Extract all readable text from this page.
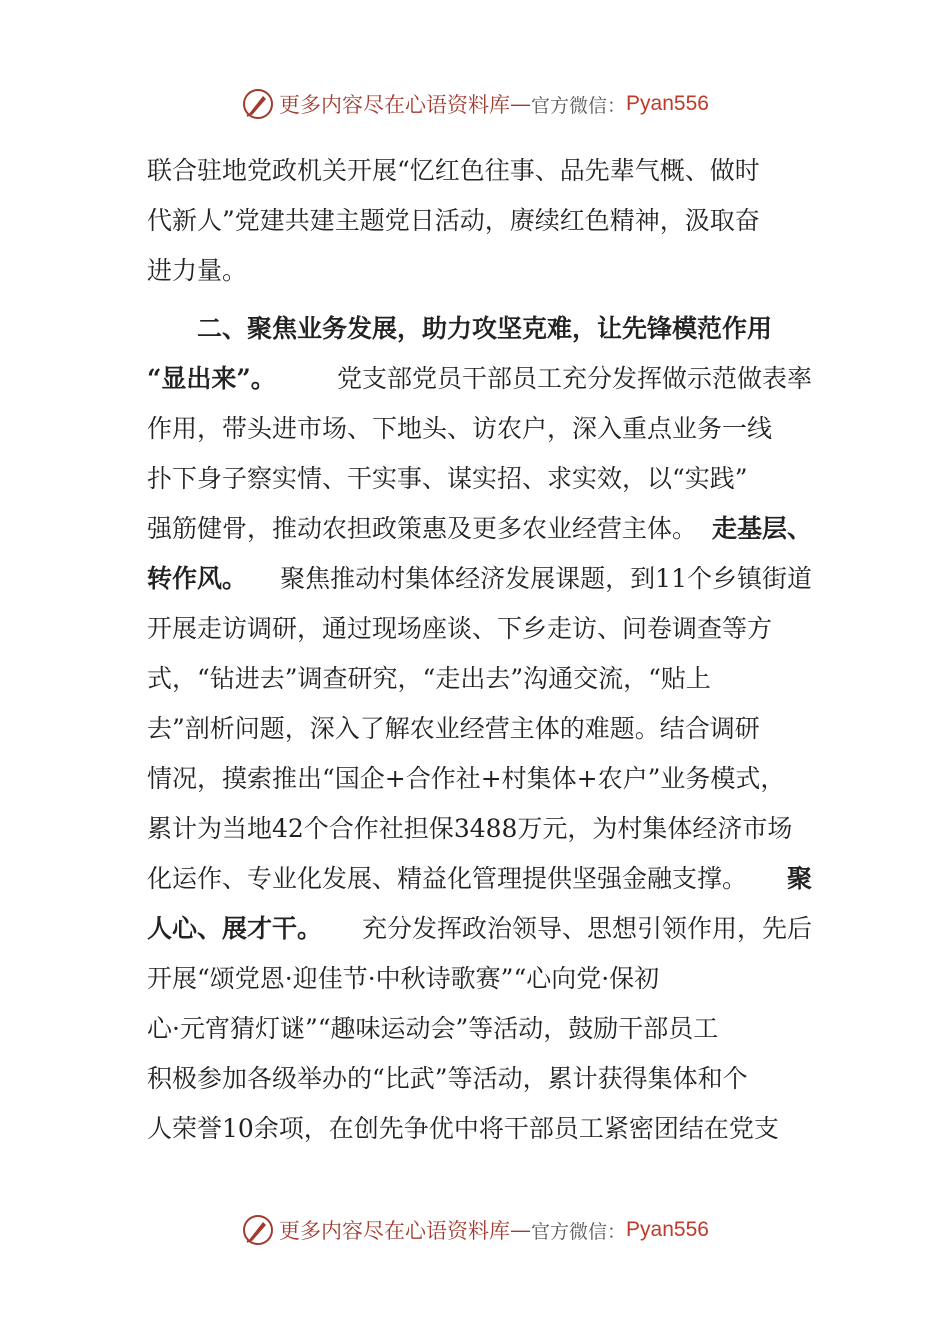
更多内容尽在心语资料库 — 官方微信： Pyan556
联合驻地党政机关开展“忆红色往事、品先辈气概、做时
代新人”党建共建主题党日活动，赓续红色精神，汲取奋
进力量。
二、聚焦业务发展，助力攻坚克难，让先锋模范作用
“显出来”。 党支部党员干部员工充分发挥做示范做表率
作用，带头进市场、下地头、访农户，深入重点业务一线
扑下身子察实情、干实事、谋实招、求实效，以“实践”
强筋健骨，推动农担政策惠及更多农业经营主体。 走基层、
转作风。 聚焦推动村集体经济发展课题，到11个乡镇街道
开展走访调研，通过现场座谈、下乡走访、问卷调查等方
式，“钻进去”调查研究，“走出去”沟通交流，“贴上
去”剖析问题，深入了解农业经营主体的难题。结合调研
情况，摸索推出“国企+合作社+村集体+农户”业务模式，
累计为当地42个合作社担保3488万元，为村集体经济市场
化运作、专业化发展、精益化管理提供坚强金融支撑。 聚
人心、展才干。 充分发挥政治领导、思想引领作用，先后
开展“颂党恩·迎佳节·中秋诗歌赛”“心向党·保初
心·元宵猜灯谜”“趣味运动会”等活动，鼓励干部员工
积极参加各级举办的“比武”等活动，累计获得集体和个
人荣誉10余项，在创先争优中将干部员工紧密团结在党支
更多内容尽在心语资料库 — 官方微信： Pyan556
